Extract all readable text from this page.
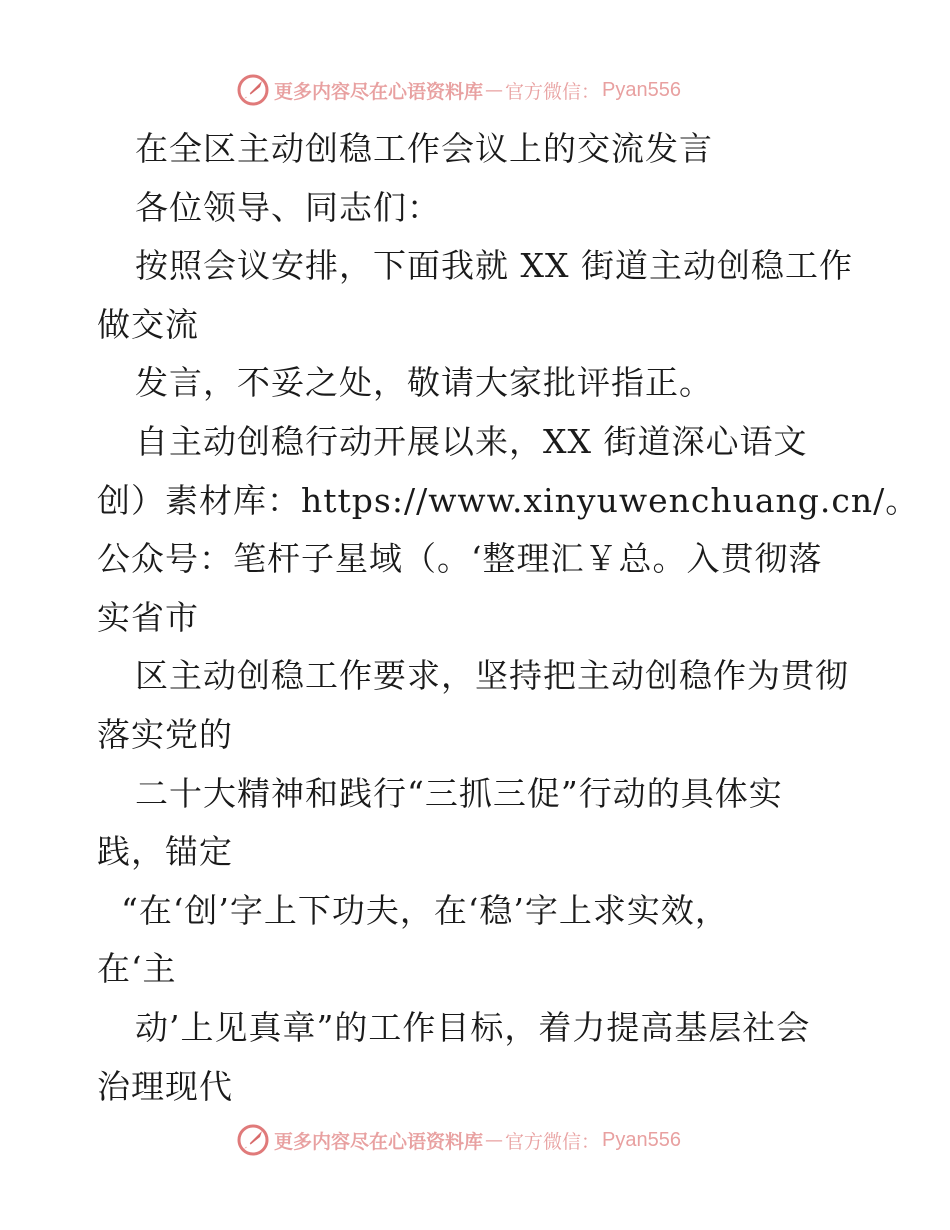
更多内容尽在心语资料库 — 官方微信： Pyan556
在全区主动创稳工作会议上的交流发言
各位领导、同志们：
按照会议安排，下面我就 XX 街道主动创稳工作
做交流
发言，不妥之处，敬请大家批评指正。
自主动创稳行动开展以来，XX 街道深心语文
创）素材库：https://www.xinyuwenchuang.cn/。
公众号：笔杆子星域（。‘整理汇￥总。入贯彻落
实省市
区主动创稳工作要求，坚持把主动创稳作为贯彻
落实党的
二十大精神和践行“三抓三促”行动的具体实
践，锚定
“在‘创’字上下功夫，在‘稳’字上求实效，
在‘主
动’上见真章”的工作目标，着力提高基层社会
治理现代
更多内容尽在心语资料库 — 官方微信： Pyan556
